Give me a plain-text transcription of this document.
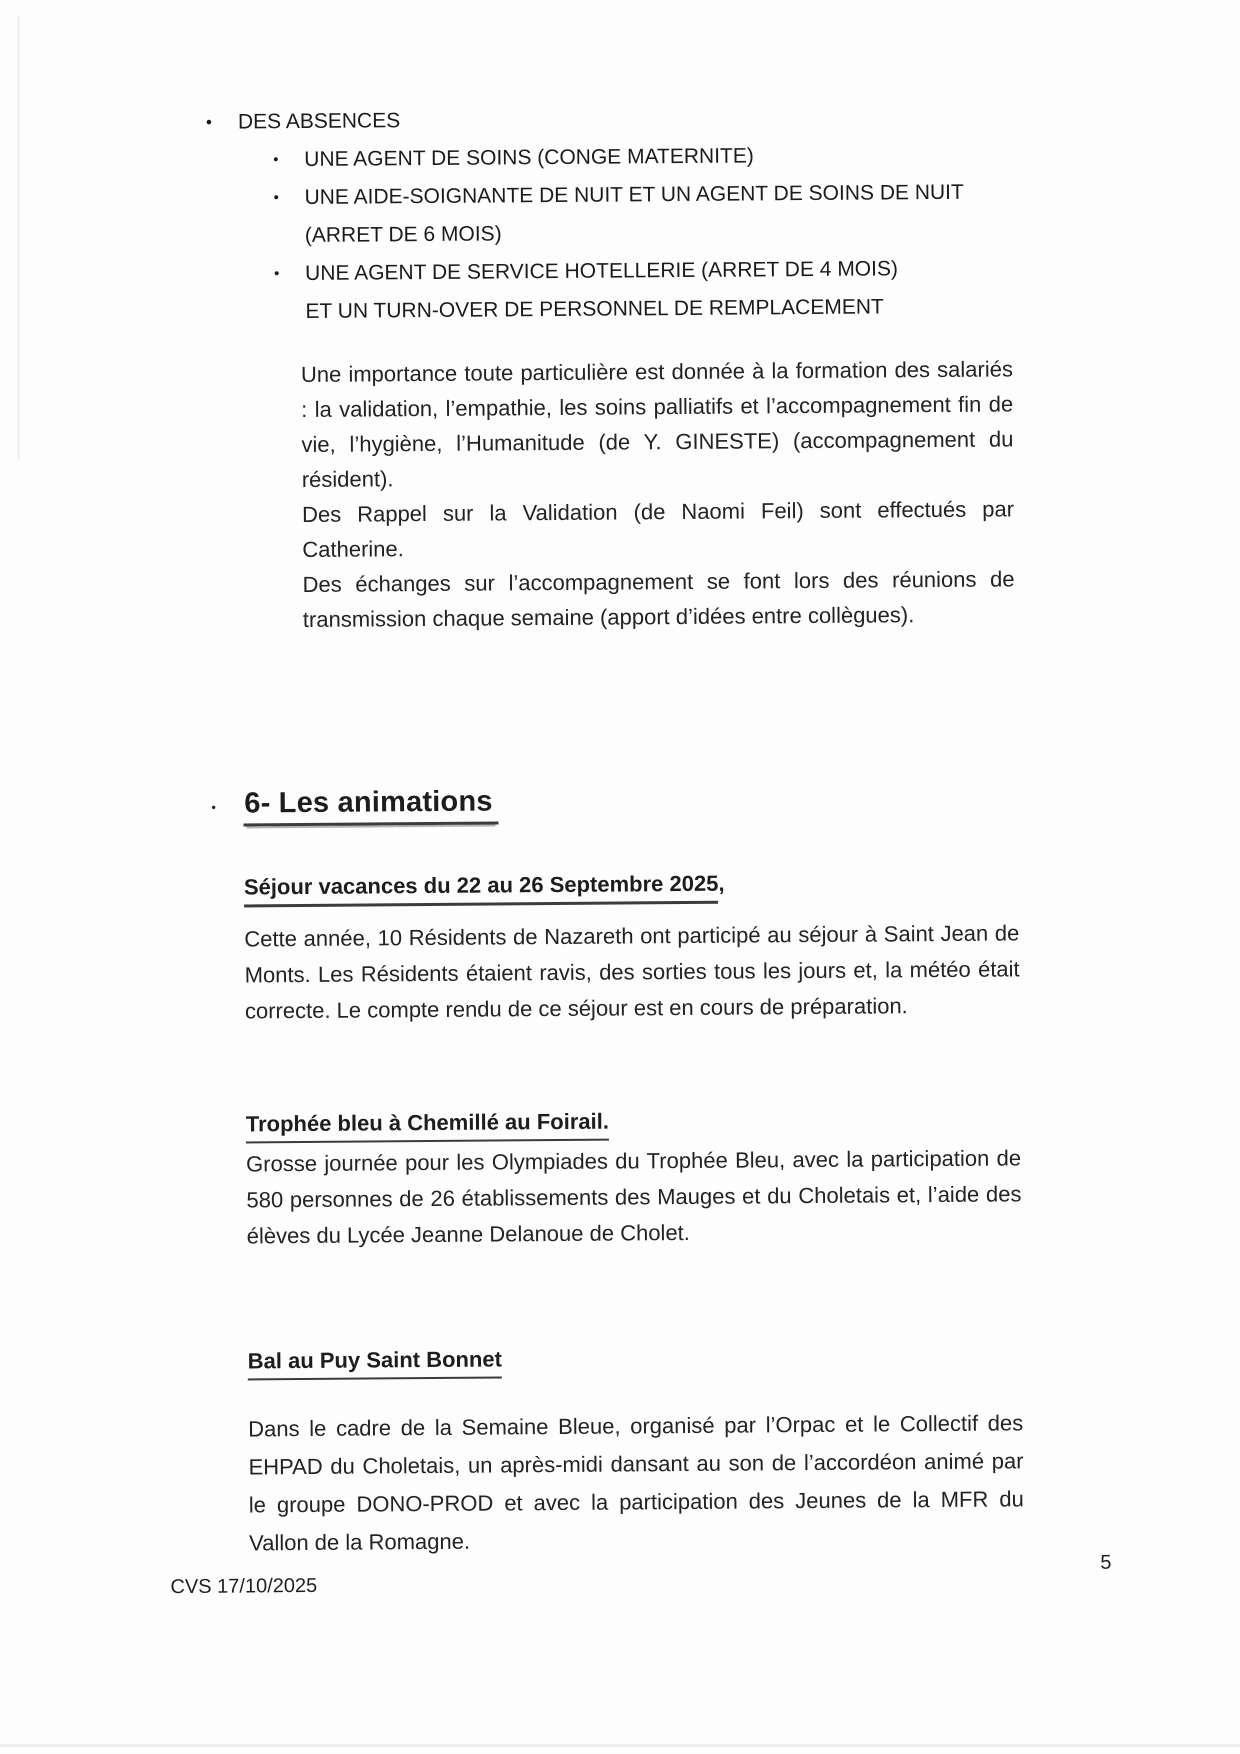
•	DES ABSENCES
•	UNE AGENT DE SOINS (CONGE MATERNITE)
•	UNE AIDE-SOIGNANTE DE NUIT ET UN AGENT DE SOINS DE NUIT
(ARRET DE 6 MOIS)
•	UNE AGENT DE SERVICE HOTELLERIE (ARRET DE 4 MOIS)
ET UN TURN-OVER DE PERSONNEL DE REMPLACEMENT

Une importance toute particulière est donnée à la formation des salariés : la validation, l’empathie, les soins palliatifs et l’accompagnement fin de vie, l’hygiène, l’Humanitude (de Y. GINESTE) (accompagnement du résident).

Des Rappel sur la Validation (de Naomi Feil) sont effectués par Catherine.

Des échanges sur l’accompagnement se font lors des réunions de transmission chaque semaine (apport d’idées entre collègues).

• 6- Les animations
Séjour vacances du 22 au 26 Septembre 2025,

Cette année, 10 Résidents de Nazareth ont participé au séjour à Saint Jean de Monts. Les Résidents étaient ravis, des sorties tous les jours et, la météo était correcte. Le compte rendu de ce séjour est en cours de préparation.

Trophée bleu à Chemillé au Foirail.

Grosse journée pour les Olympiades du Trophée Bleu, avec la participation de 580 personnes de 26 établissements des Mauges et du Choletais et, l’aide des élèves du Lycée Jeanne Delanoue de Cholet.

Bal au Puy Saint Bonnet

Dans le cadre de la Semaine Bleue, organisé par l’Orpac et le Collectif des EHPAD du Choletais, un après-midi dansant au son de l’accordéon animé par le groupe DONO-PROD et avec la participation des Jeunes de la MFR du Vallon de la Romagne.

CVS 17/10/2025
5
